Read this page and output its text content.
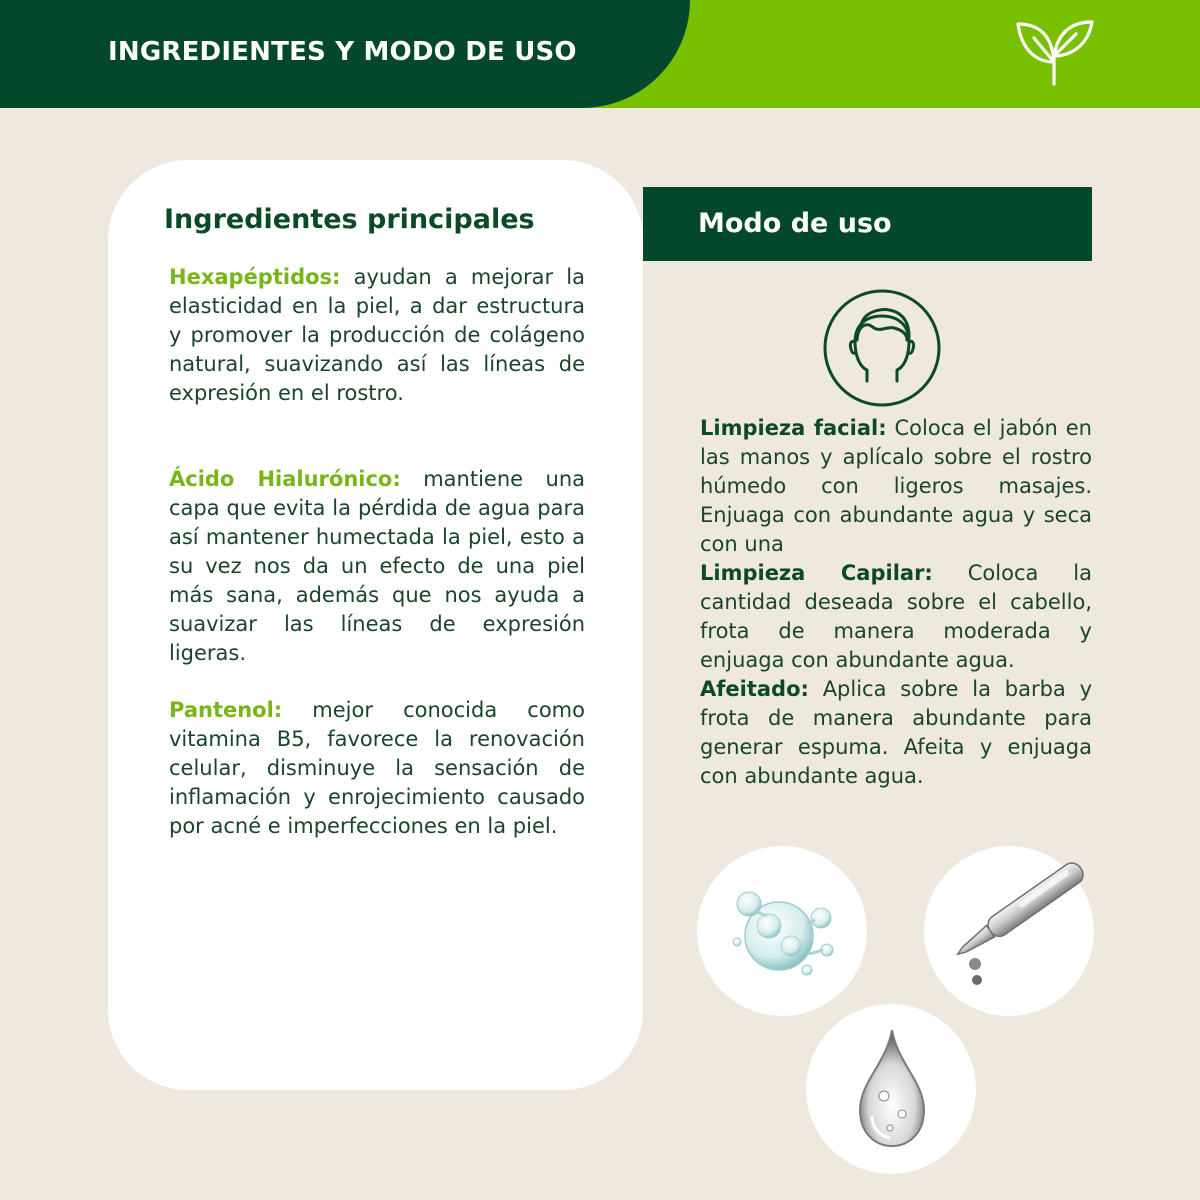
INGREDIENTES Y MODO DE USO
Ingredientes principales

Hexapéptidos: ayudan a mejorar la elasticidad en la piel, a dar estructura y promover la producción de colágeno natural, suavizando así las líneas de expresión en el rostro.

Ácido Hialurónico: mantiene una capa que evita la pérdida de agua para así mantener humectada la piel, esto a su vez nos da un efecto de una piel más sana, además que nos ayuda a suavizar las líneas de expresión ligeras.

Pantenol: mejor conocida como vitamina B5, favorece la renovación celular, disminuye la sensación de inflamación y enrojecimiento causado por acné e imperfecciones en la piel.

Modo de uso

Limpieza facial: Coloca el jabón en las manos y aplícalo sobre el rostro húmedo con ligeros masajes. Enjuaga con abundante agua y seca con una

Limpieza Capilar: Coloca la cantidad deseada sobre el cabello, frota de manera moderada y enjuaga con abundante agua.

Afeitado: Aplica sobre la barba y frota de manera abundante para generar espuma. Afeita y enjuaga con abundante agua.
